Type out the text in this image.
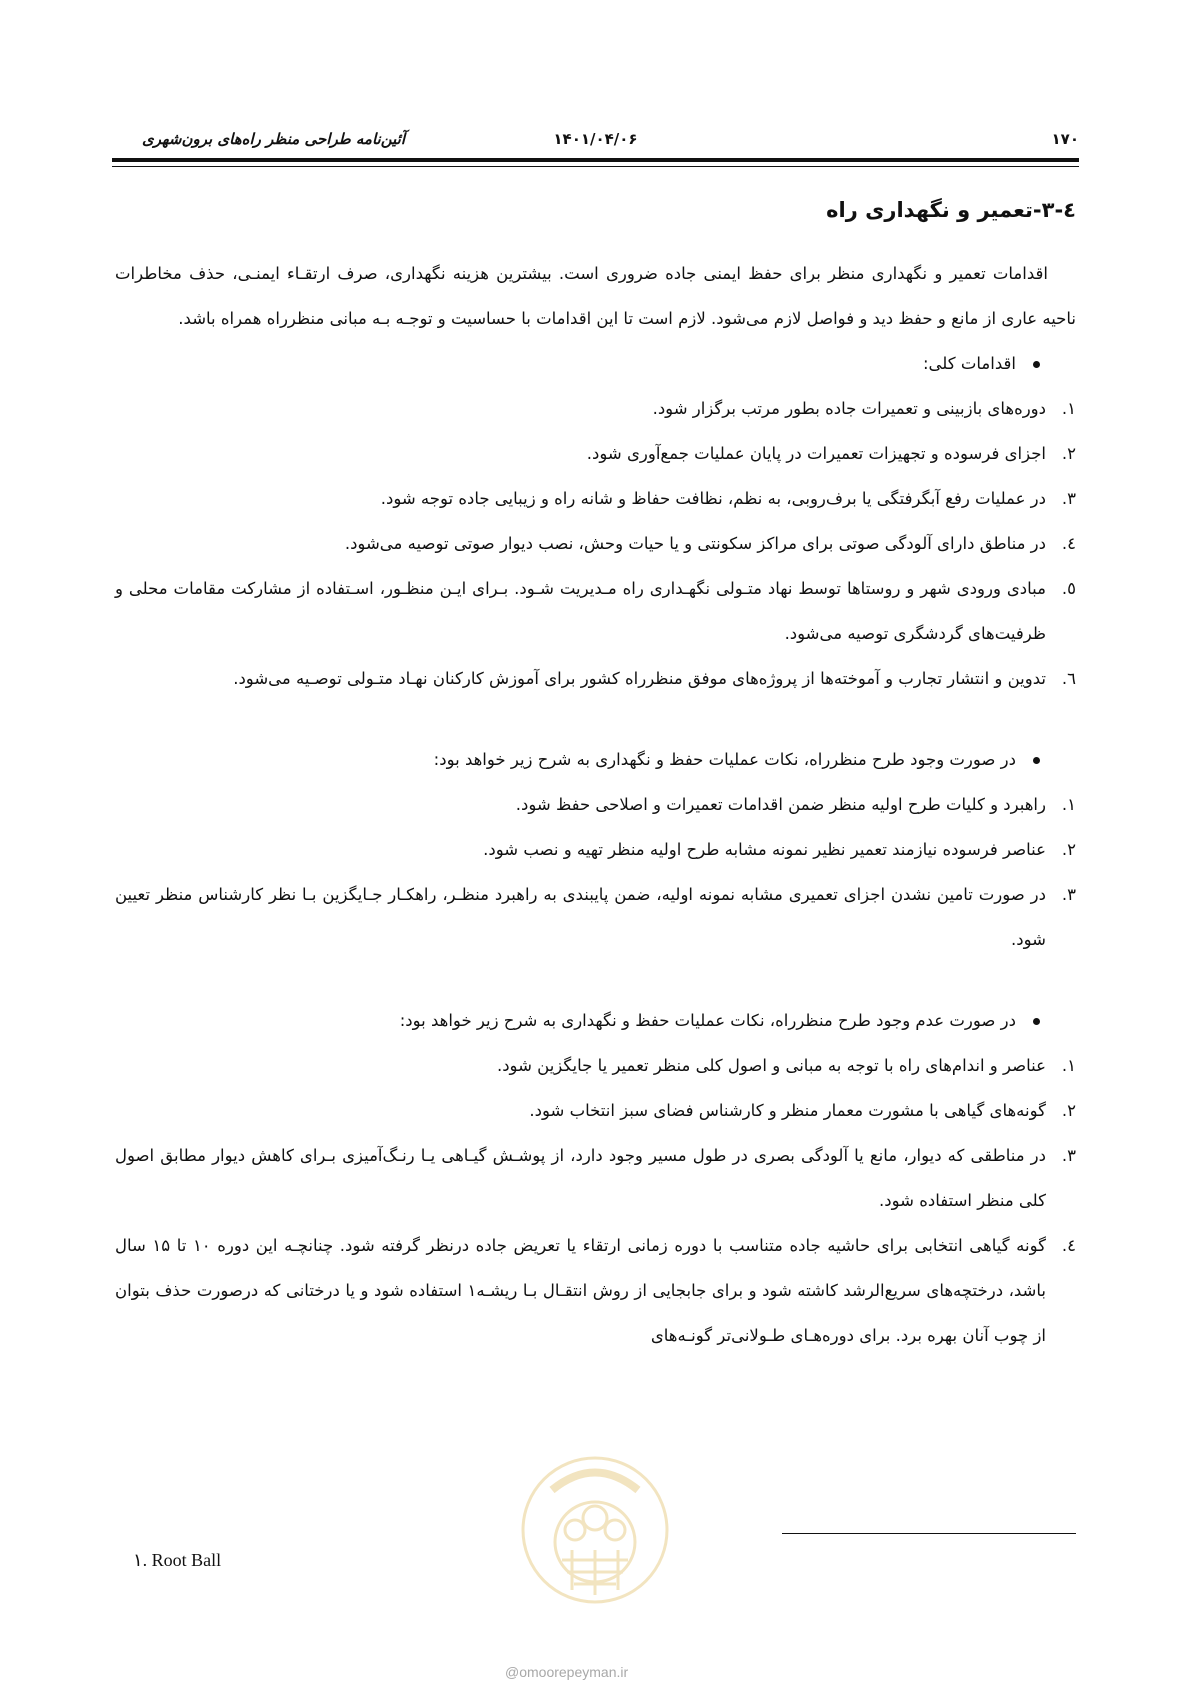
۱۷۰
۱۴۰۱/۰۴/۰۶
آئین‌نامه طراحی منظر راه‌های برون‌شهری
٤-۳-تعمیر و نگهداری راه

اقدامات تعمیر و نگهداری منظر برای حفظ ایمنی جاده ضروری است. بیشترین هزینه نگهداری، صرف ارتقـاء ایمنـی، حذف مخاطرات ناحیه عاری از مانع و حفظ دید و فواصل لازم می‌شود. لازم است تا این اقدامات با حساسیت و توجـه بـه مبانی منظرراه همراه باشد.

اقدامات کلی:
۱.
دوره‌های بازبینی و تعمیرات جاده بطور مرتب برگزار شود.
۲.
اجزای فرسوده و تجهیزات تعمیرات در پایان عملیات جمع‌آوری شود.
۳.
در عملیات رفع آبگرفتگی یا برف‌روبی، به نظم، نظافت حفاظ و شانه راه و زیبایی جاده توجه شود.
٤.
در مناطق دارای آلودگی صوتی برای مراکز سکونتی و یا حیات وحش، نصب دیوار صوتی توصیه می‌شود.
٥.
مبادی ورودی شهر و روستاها توسط نهاد متـولی نگهـداری راه مـدیریت شـود. بـرای ایـن منظـور، اسـتفاده از مشارکت مقامات محلی و ظرفیت‌های گردشگری توصیه می‌شود.
٦.
تدوین و انتشار تجارب و آموخته‌ها از پروژه‌های موفق منظرراه کشور برای آموزش کارکنان نهـاد متـولی توصـیه می‌شود.
در صورت وجود طرح منظرراه، نکات عملیات حفظ و نگهداری به شرح زیر خواهد بود:
۱.
راهبرد و کلیات طرح اولیه منظر ضمن اقدامات تعمیرات و اصلاحی حفظ شود.
۲.
عناصر فرسوده نیازمند تعمیر نظیر نمونه مشابه طرح اولیه منظر تهیه و نصب شود.
۳.
در صورت تامین نشدن اجزای تعمیری مشابه نمونه اولیه، ضمن پایبندی به راهبرد منظـر، راهکـار جـایگزین بـا نظر کارشناس منظر تعیین شود.
در صورت عدم وجود طرح منظرراه، نکات عملیات حفظ و نگهداری به شرح زیر خواهد بود:
۱.
عناصر و اندام‌های راه با توجه به مبانی و اصول کلی منظر تعمیر یا جایگزین شود.
۲.
گونه‌های گیاهی با مشورت معمار منظر و کارشناس فضای سبز انتخاب شود.
۳.
در مناطقی که دیوار، مانع یا آلودگی بصری در طول مسیر وجود دارد، از پوشـش گیـاهی یـا رنـگ‌آمیزی بـرای کاهش دیوار مطابق اصول کلی منظر استفاده شود.
٤.
گونه گیاهی انتخابی برای حاشیه جاده متناسب با دوره زمانی ارتقاء یا تعریض جاده درنظر گرفته شود. چنانچـه این دوره ۱۰ تا ۱۵ سال باشد، درختچه‌های سریع‌الرشد کاشته شود و برای جابجایی از روش انتقـال بـا ریشـه۱ استفاده شود و یا درختانی که درصورت حذف بتوان از چوب آنان بهره برد. برای دوره‌هـای طـولانی‌تر گونـه‌های
۱. Root Ball
@omoorepeyman.ir
